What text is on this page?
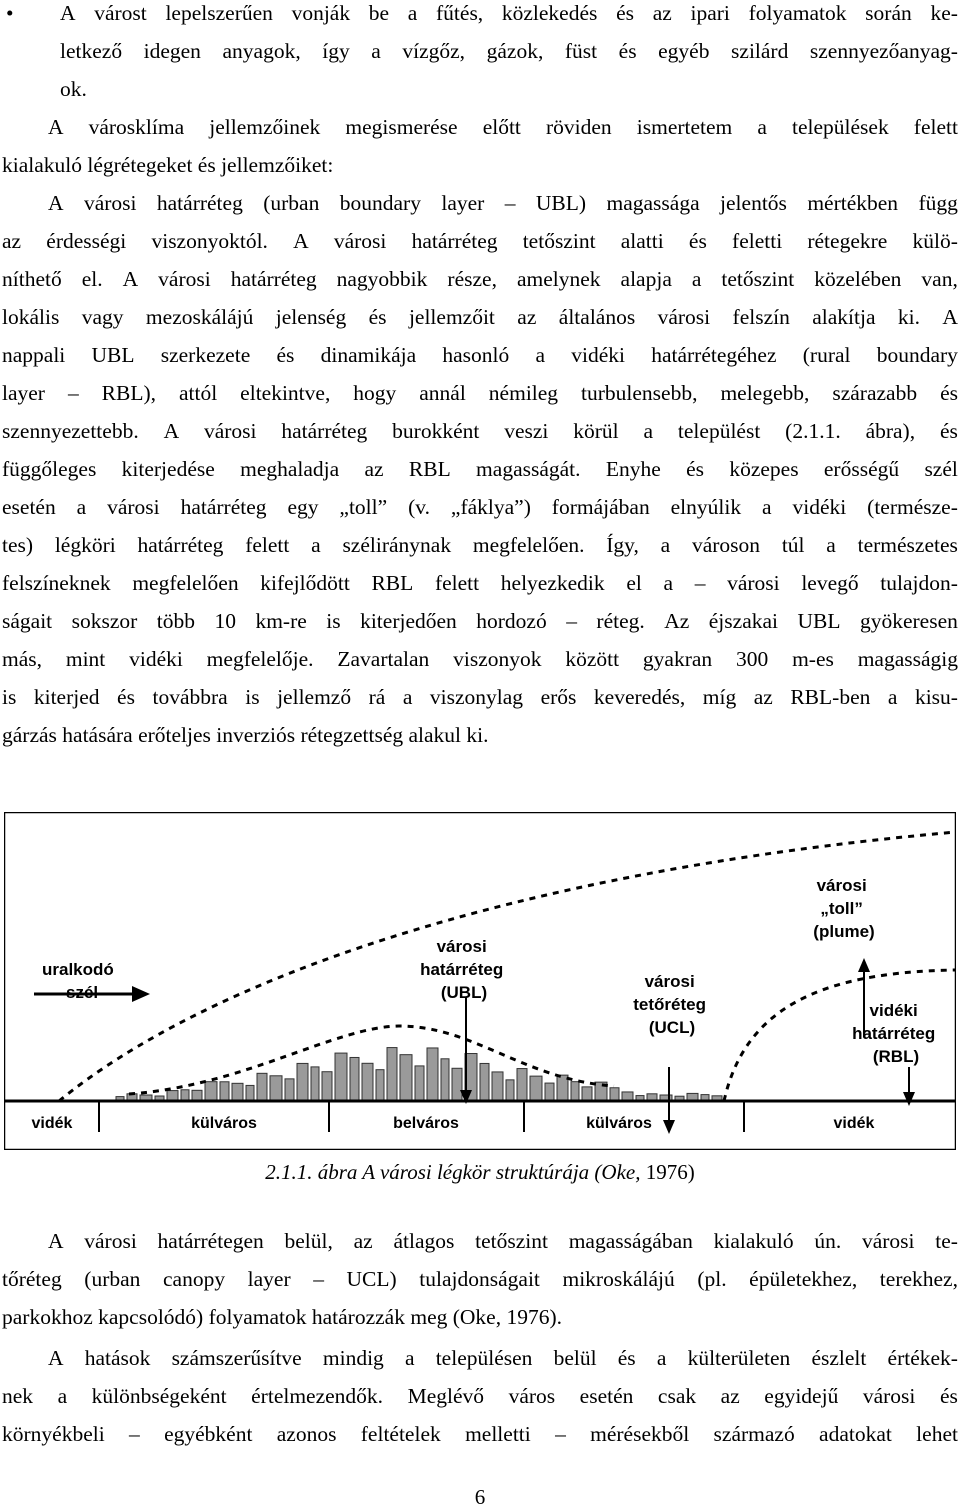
• A várost lepelszerűen vonják be a fűtés, közlekedés és az ipari folyamatok során ke-
letkező idegen anyagok, így a vízgőz, gázok, füst és egyéb szilárd szennyezőanyag-
ok.
A városklíma jellemzőinek megismerése előtt röviden ismertetem a települések felett
kialakuló légrétegeket és jellemzőiket:
A városi határréteg (urban boundary layer – UBL) magassága jelentős mértékben függ
az érdességi viszonyoktól. A városi határréteg tetőszint alatti és feletti rétegekre külö-
níthető el. A városi határréteg nagyobbik része, amelynek alapja a tetőszint közelében van,
lokális vagy mezoskálájú jelenség és jellemzőit az általános városi felszín alakítja ki. A
nappali UBL szerkezete és dinamikája hasonló a vidéki határrétegéhez (rural boundary
layer – RBL), attól eltekintve, hogy annál némileg turbulensebb, melegebb, szárazabb és
szennyezettebb. A városi határréteg burokként veszi körül a települést (2.1.1. ábra), és
függőleges kiterjedése meghaladja az RBL magasságát. Enyhe és közepes erősségű szél
esetén a városi határréteg egy „toll” (v. „fáklya”) formájában elnyúlik a vidéki (természe-
tes) légköri határréteg felett a széliránynak megfelelően. Így, a városon túl a természetes
felszíneknek megfelelően kifejlődött RBL felett helyezkedik el a – városi levegő tulajdon-
ságait sokszor több 10 km-re is kiterjedően hordozó – réteg. Az éjszakai UBL gyökeresen
más, mint vidéki megfelelője. Zavartalan viszonyok között gyakran 300 m-es magasságig
is kiterjed és továbbra is jellemző rá a viszonylag erős keveredés, míg az RBL-ben a kisu-
gárzás hatására erőteljes inverziós rétegzettség alakul ki.
uralkodó szél
városi határréteg (UBL)
városi tetőréteg (UCL)
városi „toll” (plume)
vidéki határréteg (RBL)
vidék	külváros	belváros	külváros	vidék
2.1.1. ábra A városi légkör struktúrája (Oke, 1976)
A városi határrétegen belül, az átlagos tetőszint magasságában kialakuló ún. városi te-
tőréteg (urban canopy layer – UCL) tulajdonságait mikroskálájú (pl. épületekhez, terekhez,
parkokhoz kapcsolódó) folyamatok határozzák meg (Oke, 1976).
A hatások számszerűsítve mindig a településen belül és a külterületen észlelt értékek-
nek a különbségeként értelmezendők. Meglévő város esetén csak az egyidejű városi és
környékbeli – egyébként azonos feltételek melletti – mérésekből származó adatokat lehet
6
